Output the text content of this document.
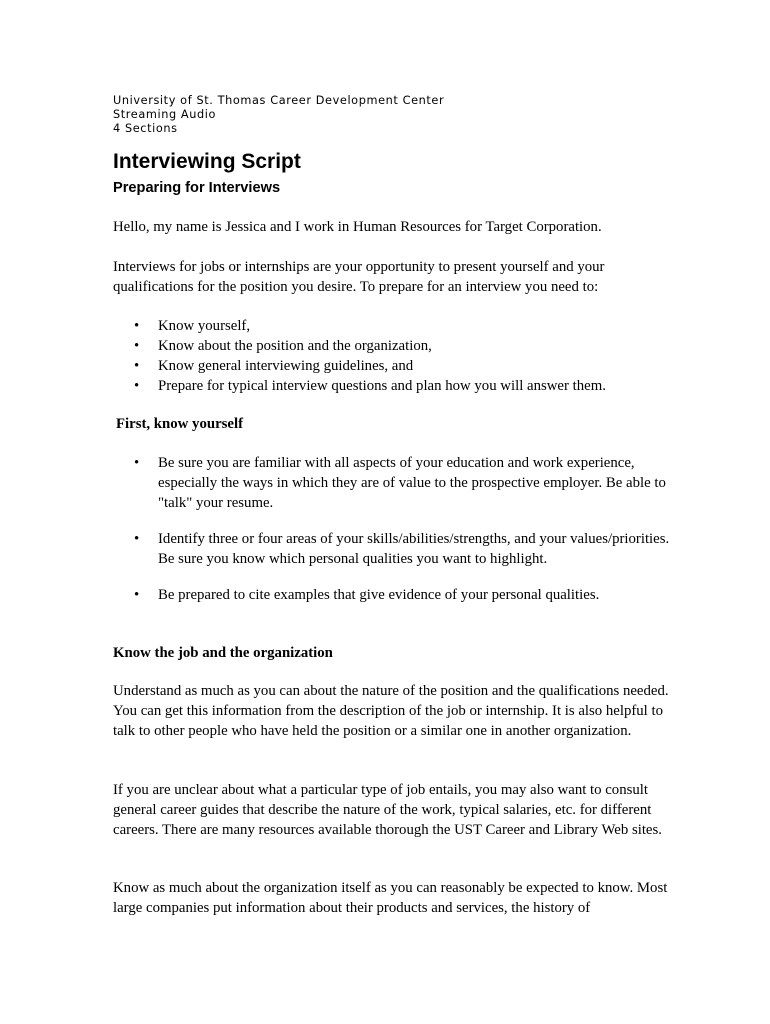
University of St. Thomas Career Development Center
Streaming Audio
4 Sections
Interviewing Script
Preparing for Interviews

Hello, my name is Jessica and I work in Human Resources for Target Corporation.

Interviews for jobs or internships are your opportunity to present yourself and your qualifications for the position you desire. To prepare for an interview you need to:

• Know yourself,
• Know about the position and the organization,
• Know general interviewing guidelines, and
• Prepare for typical interview questions and plan how you will answer them.

First, know yourself

• Be sure you are familiar with all aspects of your education and work experience, especially the ways in which they are of value to the prospective employer. Be able to "talk" your resume.
• Identify three or four areas of your skills/abilities/strengths, and your values/priorities. Be sure you know which personal qualities you want to highlight.
• Be prepared to cite examples that give evidence of your personal qualities.

Know the job and the organization

Understand as much as you can about the nature of the position and the qualifications needed. You can get this information from the description of the job or internship. It is also helpful to talk to other people who have held the position or a similar one in another organization.

If you are unclear about what a particular type of job entails, you may also want to consult general career guides that describe the nature of the work, typical salaries, etc. for different careers. There are many resources available thorough the UST Career and Library Web sites.

Know as much about the organization itself as you can reasonably be expected to know. Most large companies put information about their products and services, the history of
